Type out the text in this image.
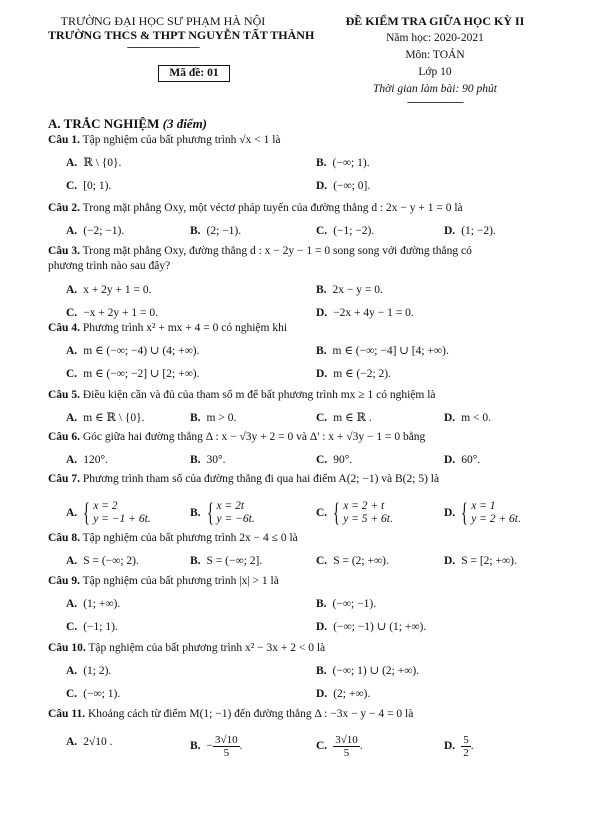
TRƯỜNG ĐẠI HỌC SƯ PHẠM HÀ NỘI
TRƯỜNG THCS & THPT NGUYỄN TẤT THÀNH
-------------------------------
Mã đề: 01
ĐỀ KIỂM TRA GIỮA HỌC KỲ II
Năm học: 2020-2021
Môn: TOÁN
Lớp 10
Thời gian làm bài: 90 phút
------------------------
A. TRẮC NGHIỆM (3 điểm)
Câu 1. Tập nghiệm của bất phương trình √x < 1 là
A. ℝ \ {0}.	B. (−∞; 1).
C. [0; 1).	D. (−∞; 0].
Câu 2. Trong mặt phẳng Oxy, một véctơ pháp tuyến của đường thẳng d : 2x − y + 1 = 0 là
A. (−2; −1).	B. (2; −1).	C. (−1; −2).	D. (1; −2).
Câu 3. Trong mặt phẳng Oxy, đường thẳng d : x − 2y − 1 = 0 song song với đường thẳng có
phương trình nào sau đây?
A. x + 2y + 1 = 0.	B. 2x − y = 0.
C. −x + 2y + 1 = 0.	D. −2x + 4y − 1 = 0.
Câu 4. Phương trình x² + mx + 4 = 0 có nghiệm khi
A. m ∈ (−∞; −4) ∪ (4; +∞).	B. m ∈ (−∞; −4] ∪ [4; +∞).
C. m ∈ (−∞; −2] ∪ [2; +∞).	D. m ∈ (−2; 2).
Câu 5. Điều kiện cần và đủ của tham số m để bất phương trình mx ≥ 1 có nghiệm là
A. m ∈ ℝ \ {0}.	B. m > 0.	C. m ∈ ℝ .	D. m < 0.
Câu 6. Góc giữa hai đường thẳng Δ : x − √3y + 2 = 0 và Δ' : x + √3y − 1 = 0 bằng
A. 120°.	B. 30°.	C. 90°.	D. 60°.
Câu 7. Phương trình tham số của đường thẳng đi qua hai điểm A(2; −1) và B(2; 5) là
A. { x = 2
y = −1 + 6t.
B. { x = 2t
y = −6t.
C. { x = 2 + t
y = 5 + 6t.
D. { x = 1
y = 2 + 6t.
Câu 8. Tập nghiệm của bất phương trình 2x − 4 ≤ 0 là
A. S = (−∞; 2).	B. S = (−∞; 2].	C. S = (2; +∞).	D. S = [2; +∞).
Câu 9. Tập nghiệm của bất phương trình |x| > 1 là
A. (1; +∞).	B. (−∞; −1).
C. (−1; 1).	D. (−∞; −1) ∪ (1; +∞).
Câu 10. Tập nghiệm của bất phương trình x² − 3x + 2 < 0 là
A. (1; 2).	B. (−∞; 1) ∪ (2; +∞).
C. (−∞; 1).	D. (2; +∞).
Câu 11. Khoảng cách từ điểm M(1; −1) đến đường thẳng Δ : −3x − y − 4 = 0 là
A. 2√10 .	B. − $\frac{3√10}{5}$ .	C. $\frac{3√10}{5}$ .	D. $\frac{5}{2}$ .
